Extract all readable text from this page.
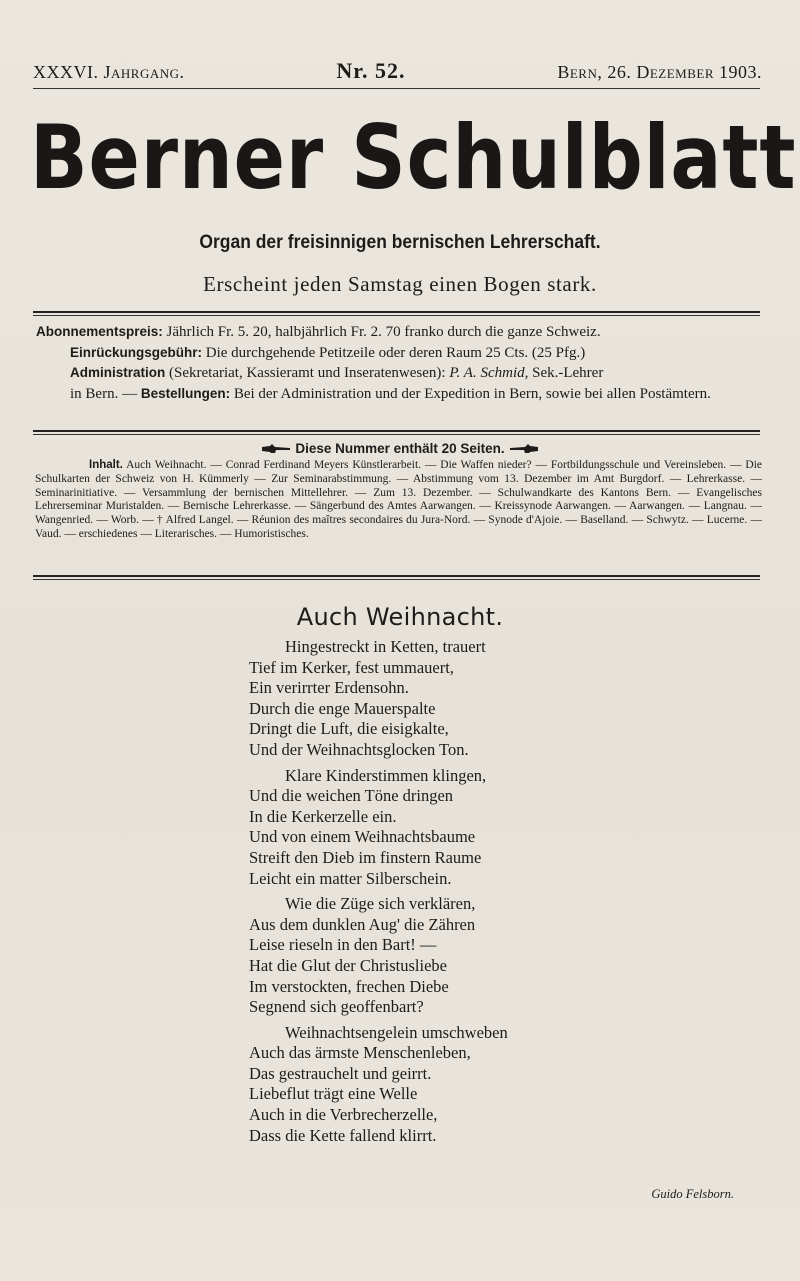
XXXVI. Jahrgang.	Nr. 52.	Bern, 26. Dezember 1903.
Berner Schulblatt
Organ der freisinnigen bernischen Lehrerschaft.
Erscheint jeden Samstag einen Bogen stark.
Abonnementspreis: Jährlich Fr. 5. 20, halbjährlich Fr. 2. 70 franko durch die ganze Schweiz.
Einrückungsgebühr: Die durchgehende Petitzeile oder deren Raum 25 Cts. (25 Pfg.)
Administration (Sekretariat, Kassieramt und Inseratenwesen): P. A. Schmid, Sek.-Lehrer
in Bern. — Bestellungen: Bei der Administration und der Expedition in Bern, sowie bei allen Postämtern.
Diese Nummer enthält 20 Seiten.
Inhalt. Auch Weihnacht. — Conrad Ferdinand Meyers Künstlerarbeit. — Die Waffen nieder? — Fortbildungsschule und Vereinsleben. — Die Schulkarten der Schweiz von H. Kümmerly — Zur Seminarabstimmung. — Abstimmung vom 13. Dezember im Amt Burgdorf. — Lehrerkasse. — Seminarinitiative. — Versammlung der bernischen Mittellehrer. — Zum 13. Dezember. — Schulwandkarte des Kantons Bern. — Evangelisches Lehrerseminar Muristalden. — Bernische Lehrerkasse. — Sängerbund des Amtes Aarwangen. — Kreissynode Aarwangen. — Aarwangen. — Langnau. — Wangenried. — Worb. — † Alfred Langel. — Réunion des maîtres secondaires du Jura-Nord. — Synode d'Ajoie. — Baselland. — Schwytz. — Lucerne. — Vaud. — erschiedenes — Literarisches. — Humoristisches.
Auch Weihnacht.
Hingestreckt in Ketten, trauert
Tief im Kerker, fest ummauert,
Ein verirrter Erdensohn.
Durch die enge Mauerspalte
Dringt die Luft, die eisigkalte,
Und der Weihnachtsglocken Ton.
Klare Kinderstimmen klingen,
Und die weichen Töne dringen
In die Kerkerzelle ein.
Und von einem Weihnachtsbaume
Streift den Dieb im finstern Raume
Leicht ein matter Silberschein.
Wie die Züge sich verklären,
Aus dem dunklen Aug' die Zähren
Leise rieseln in den Bart! —
Hat die Glut der Christusliebe
Im verstockten, frechen Diebe
Segnend sich geoffenbart?
Weihnachtsengelein umschweben
Auch das ärmste Menschenleben,
Das gestrauchelt und geirrt.
Liebeflut trägt eine Welle
Auch in die Verbrecherzelle,
Dass die Kette fallend klirrt.
Guido Felsborn.
